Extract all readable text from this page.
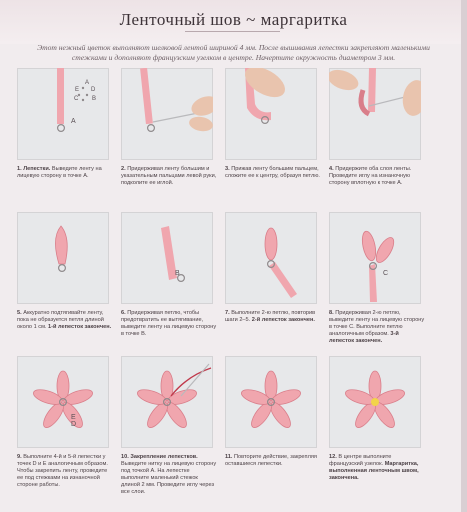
Ленточный шов ~ маргаритка
Этот нежный цветок выполняют шелковой лентой шириной 4 мм. После вышивания лепестки закрепляют маленькими стежками и дополняют французским узелком в центре. Начертите окружность диаметром 3 мм.
1. Лепестки. Выведите ленту на лицевую сторону в точке А.
A
2. Придерживая ленту большим и указательным пальцами левой руки, подколите ее иглой.
3. Прижав ленту большим пальцем, сложите ее к центру, образуя петлю.
4. Придержите оба слоя ленты. Проведите иглу на изнаночную сторону вплотную к точке А.
5. Аккуратно подтягивайте ленту, пока не образуется петля длиной около 1 см. 1-й лепесток закончен.
6. Придерживая петлю, чтобы предотвратить ее вытягивание, выведите ленту на лицевую сторону в точке В.
B
7. Выполните 2-ю петлю, повторив шаги 2–5. 2-й лепесток закончен.
8. Придерживая 2-ю петлю, выведите ленту на лицевую сторону в точке С. Выполните петлю аналогичным образом. 3-й лепесток закончен.
C
9. Выполните 4-й и 5-й лепестки у точек D и E аналогичным образом. Чтобы закрепить ленту, проведите ее под стежками на изнаночной стороне работы.
E D
10. Закрепление лепестков. Выведите нитку на лицевую сторону под точкой А. На лепестке выполните маленький стежок длиной 2 мм. Проведите иглу через все слои.
11. Повторите действие, закрепляя оставшиеся лепестки.
12. В центре выполните французский узелок. Маргаритка, выполненная ленточным швом, закончена.
A
E D
C B
